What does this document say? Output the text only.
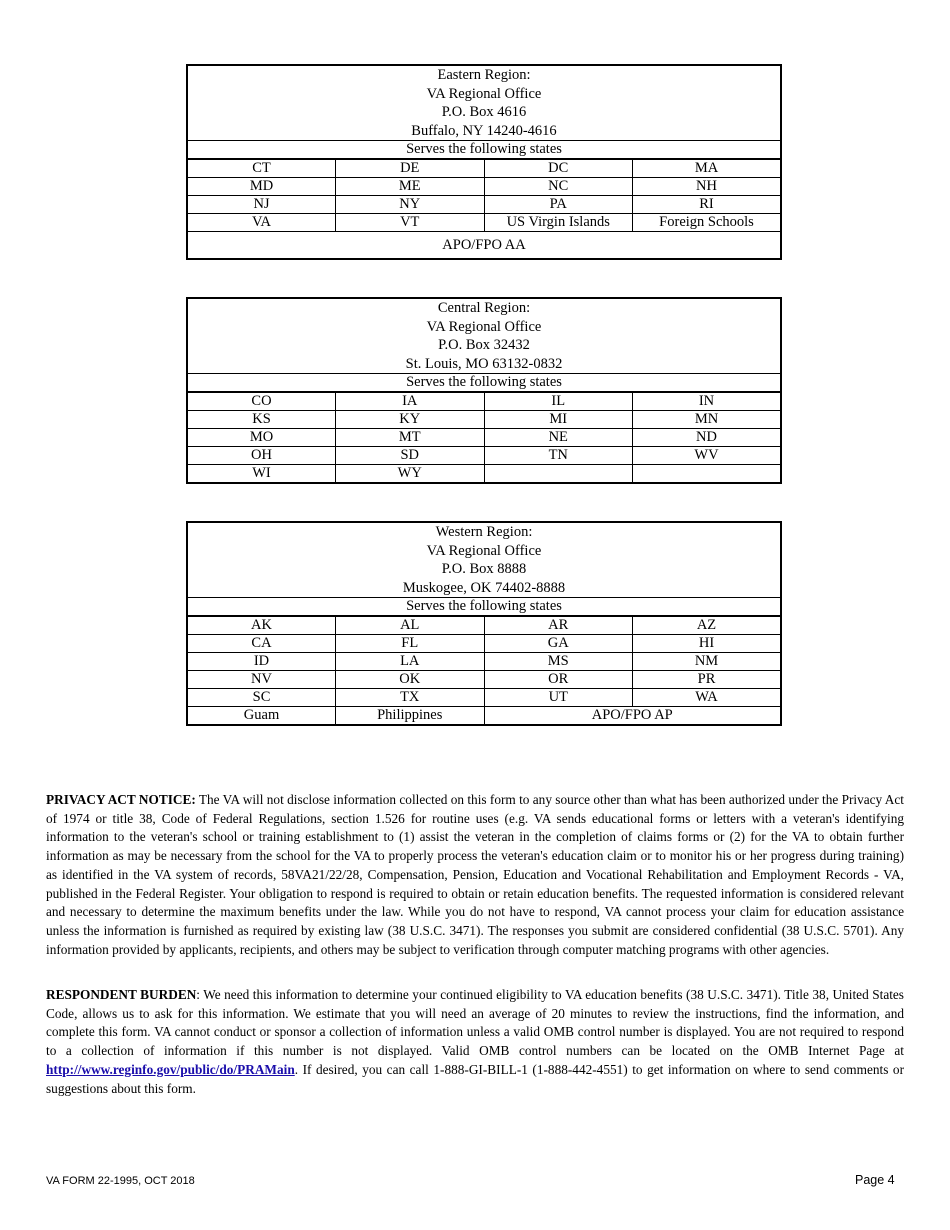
Eastern Region:
VA Regional Office
P.O. Box 4616
Buffalo, NY 14240-4616			

Serves the following states			
CT	DE	DC	MA
MD	ME	NC	NH
NJ	NY	PA	RI
VA	VT	US Virgin Islands	Foreign Schools
APO/FPO AA			
Central Region:
VA Regional Office
P.O. Box 32432
St. Louis, MO 63132-0832			

Serves the following states			
CO	IA	IL	IN
KS	KY	MI	MN
MO	MT	NE	ND
OH	SD	TN	WV
WI	WY		
Western Region:
VA Regional Office
P.O. Box 8888
Muskogee, OK 74402-8888			

Serves the following states			
AK	AL	AR	AZ
CA	FL	GA	HI
ID	LA	MS	NM
NV	OK	OR	PR
SC	TX	UT	WA
Guam	Philippines	APO/FPO AP	

PRIVACY ACT NOTICE: The VA will not disclose information collected on this form to any source other than what has been authorized under the Privacy Act of 1974 or title 38, Code of Federal Regulations, section 1.526 for routine uses (e.g. VA sends educational forms or letters with a veteran's identifying information to the veteran's school or training establishment to (1) assist the veteran in the completion of claims forms or (2) for the VA to obtain further information as may be necessary from the school for the VA to properly process the veteran's education claim or to monitor his or her progress during training) as identified in the VA system of records, 58VA21/22/28, Compensation, Pension, Education and Vocational Rehabilitation and Employment Records - VA, published in the Federal Register. Your obligation to respond is required to obtain or retain education benefits. The requested information is considered relevant and necessary to determine the maximum benefits under the law. While you do not have to respond, VA cannot process your claim for education assistance unless the information is furnished as required by existing law (38 U.S.C. 3471). The responses you submit are considered confidential (38 U.S.C. 5701). Any information provided by applicants, recipients, and others may be subject to verification through computer matching programs with other agencies.

RESPONDENT BURDEN: We need this information to determine your continued eligibility to VA education benefits (38 U.S.C. 3471). Title 38, United States Code, allows us to ask for this information. We estimate that you will need an average of 20 minutes to review the instructions, find the information, and complete this form. VA cannot conduct or sponsor a collection of information unless a valid OMB control number is displayed. You are not required to respond to a collection of information if this number is not displayed. Valid OMB control numbers can be located on the OMB Internet Page at http://www.reginfo.gov/public/do/PRAMain. If desired, you can call 1-888-GI-BILL-1 (1-888-442-4551) to get information on where to send comments or suggestions about this form.

VA FORM 22-1995, OCT 2018	Page 4
